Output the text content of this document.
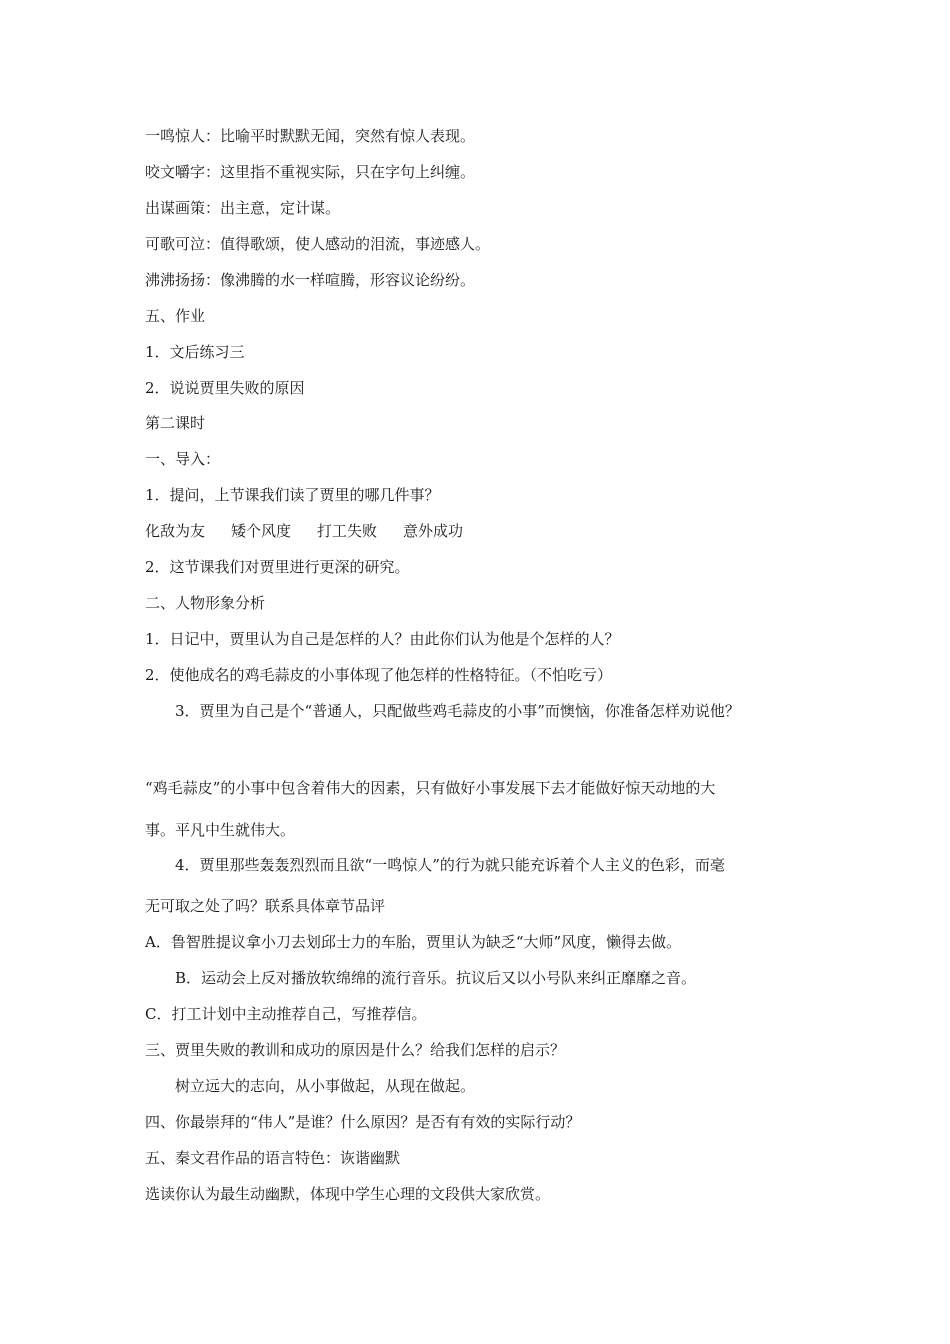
一鸣惊人：比喻平时默默无闻，突然有惊人表现。
咬文嚼字：这里指不重视实际，只在字句上纠缠。
出谋画策：出主意，定计谋。
可歌可泣：值得歌颂，使人感动的泪流，事迹感人。
沸沸扬扬：像沸腾的水一样喧腾，形容议论纷纷。
五、作业
1．文后练习三
2．说说贾里失败的原因
第二课时
一、导入：
1．提问，上节课我们读了贾里的哪几件事？
化敌为友 矮个风度 打工失败 意外成功
2．这节课我们对贾里进行更深的研究。
二、人物形象分析
1．日记中，贾里认为自己是怎样的人？由此你们认为他是个怎样的人？
2．使他成名的鸡毛蒜皮的小事体现了他怎样的性格特征。（不怕吃亏）
3．贾里为自己是个“普通人，只配做些鸡毛蒜皮的小事”而懊恼，你准备怎样劝说他？
“鸡毛蒜皮”的小事中包含着伟大的因素，只有做好小事发展下去才能做好惊天动地的大
事。平凡中生就伟大。
4．贾里那些轰轰烈烈而且欲“一鸣惊人”的行为就只能充诉着个人主义的色彩，而毫
无可取之处了吗？联系具体章节品评
A．鲁智胜提议拿小刀去划邱士力的车胎，贾里认为缺乏“大师”风度，懒得去做。
B．运动会上反对播放软绵绵的流行音乐。抗议后又以小号队来纠正靡靡之音。
C．打工计划中主动推荐自己，写推荐信。
三、贾里失败的教训和成功的原因是什么？给我们怎样的启示？
树立远大的志向，从小事做起，从现在做起。
四、你最崇拜的“伟人”是谁？什么原因？是否有有效的实际行动？
五、秦文君作品的语言特色：诙谐幽默
选读你认为最生动幽默，体现中学生心理的文段供大家欣赏。
